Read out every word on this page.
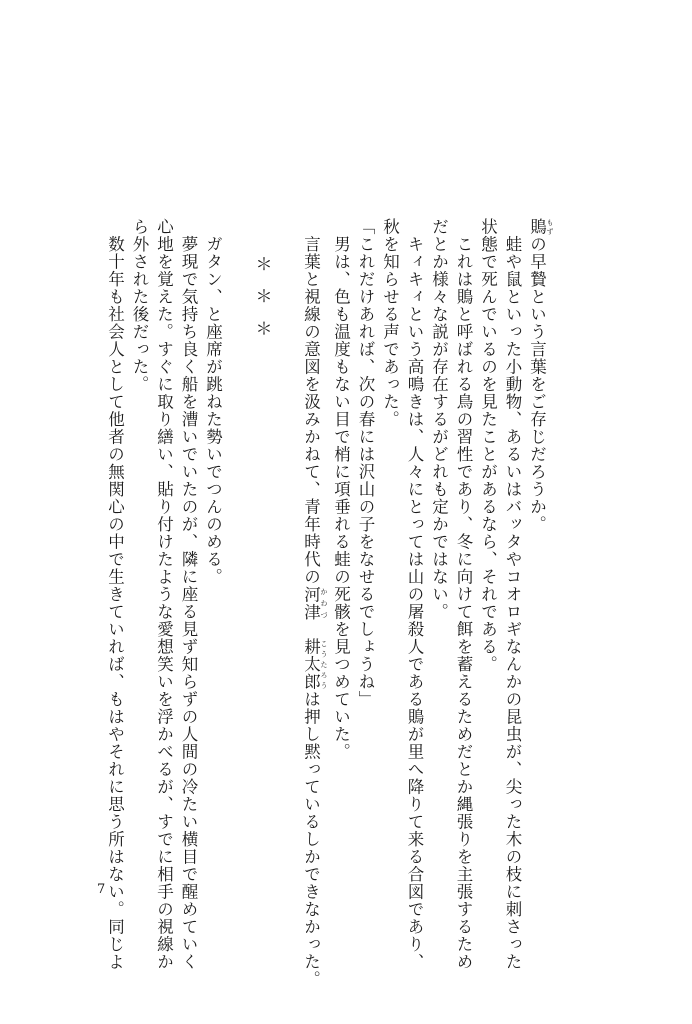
鵙 もずの早贄という言葉をご存じだろうか。

　蛙や鼠といった小動物、あるいはバッタやコオロギなんかの昆虫が、尖った木の枝に刺さった

状態で死んでいるのを見たことがあるなら、それである。

　これは鵙と呼ばれる鳥の習性であり、冬に向けて餌を蓄えるためだとか縄張りを主張するため

だとか様々な説が存在するがどれも定かではない。

　キィキィという高鳴きは、人々にとっては山の屠殺人である鵙が里へ降りて来る合図であり、

秋を知らせる声であった。

「これだけあれば、次の春には沢山の子をなせるでしょうね」

　男は、色も温度もない目で梢に項垂れる蛙の死骸を見つめていた。

　言葉と視線の意図を汲みかねて、青年時代の河津 かわづ　耕太郎 こうたろうは押し黙っているしかできなかった。

＊＊＊

　ガタン、と座席が跳ねた勢いでつんのめる。

　夢現で気持ち良く船を漕いでいたのが、隣に座る見ず知らずの人間の冷たい横目で醒めていく

心地を覚えた。すぐに取り繕い、貼り付けたような愛想笑いを浮かべるが、すでに相手の視線か

ら外された後だった。

　数十年も社会人として他者の無関心の中で生きていれば、もはやそれに思う所はない。同じよ

7
